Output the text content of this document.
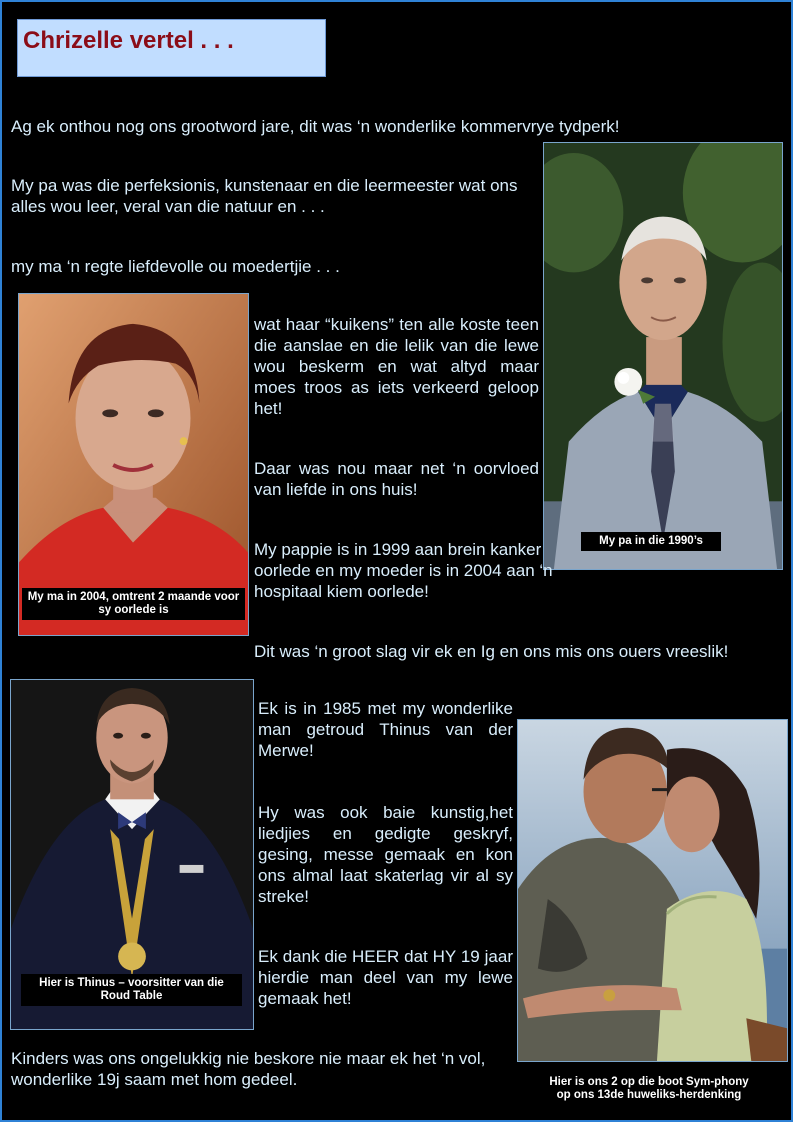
Chrizelle vertel . . .

Ag ek onthou nog ons grootword jare, dit was ‘n wonderlike kommervrye tydperk!

My pa was die perfeksionis, kunstenaar en die leermeester wat ons alles wou leer, veral van die natuur en . . .

my ma ‘n regte liefdevolle ou moedertjie . . .

My pa in die 1990’s
My ma in 2004, omtrent 2 maande voor sy oorlede is

wat haar “kuikens” ten alle koste teen die aanslae en die lelik van die lewe wou beskerm en wat altyd maar moes troos as iets verkeerd geloop het!

Daar was nou maar net ‘n oorvloed van liefde in ons huis!

My pappie is in 1999 aan brein kanker oorlede en my moeder is in 2004 aan ‘n hospitaal kiem oorlede!

Dit was ‘n groot slag vir ek en Ig en ons mis ons ouers vreeslik!

Hier is Thinus – voorsitter van die Roud Table

Ek is in 1985 met my wonderlike man getroud Thinus van der Merwe!

Hy was ook baie kunstig,het liedjies en gedigte geskryf, gesing, messe gemaak en kon ons almal laat skaterlag vir al sy streke!

Ek dank die HEER dat HY 19 jaar hierdie man deel van my lewe gemaak het!

Hier is ons 2 op die boot Sym-phony op ons 13de huweliks-herdenking

Kinders was ons ongelukkig nie beskore nie maar ek het ‘n vol, wonderlike 19j saam met hom gedeel.
